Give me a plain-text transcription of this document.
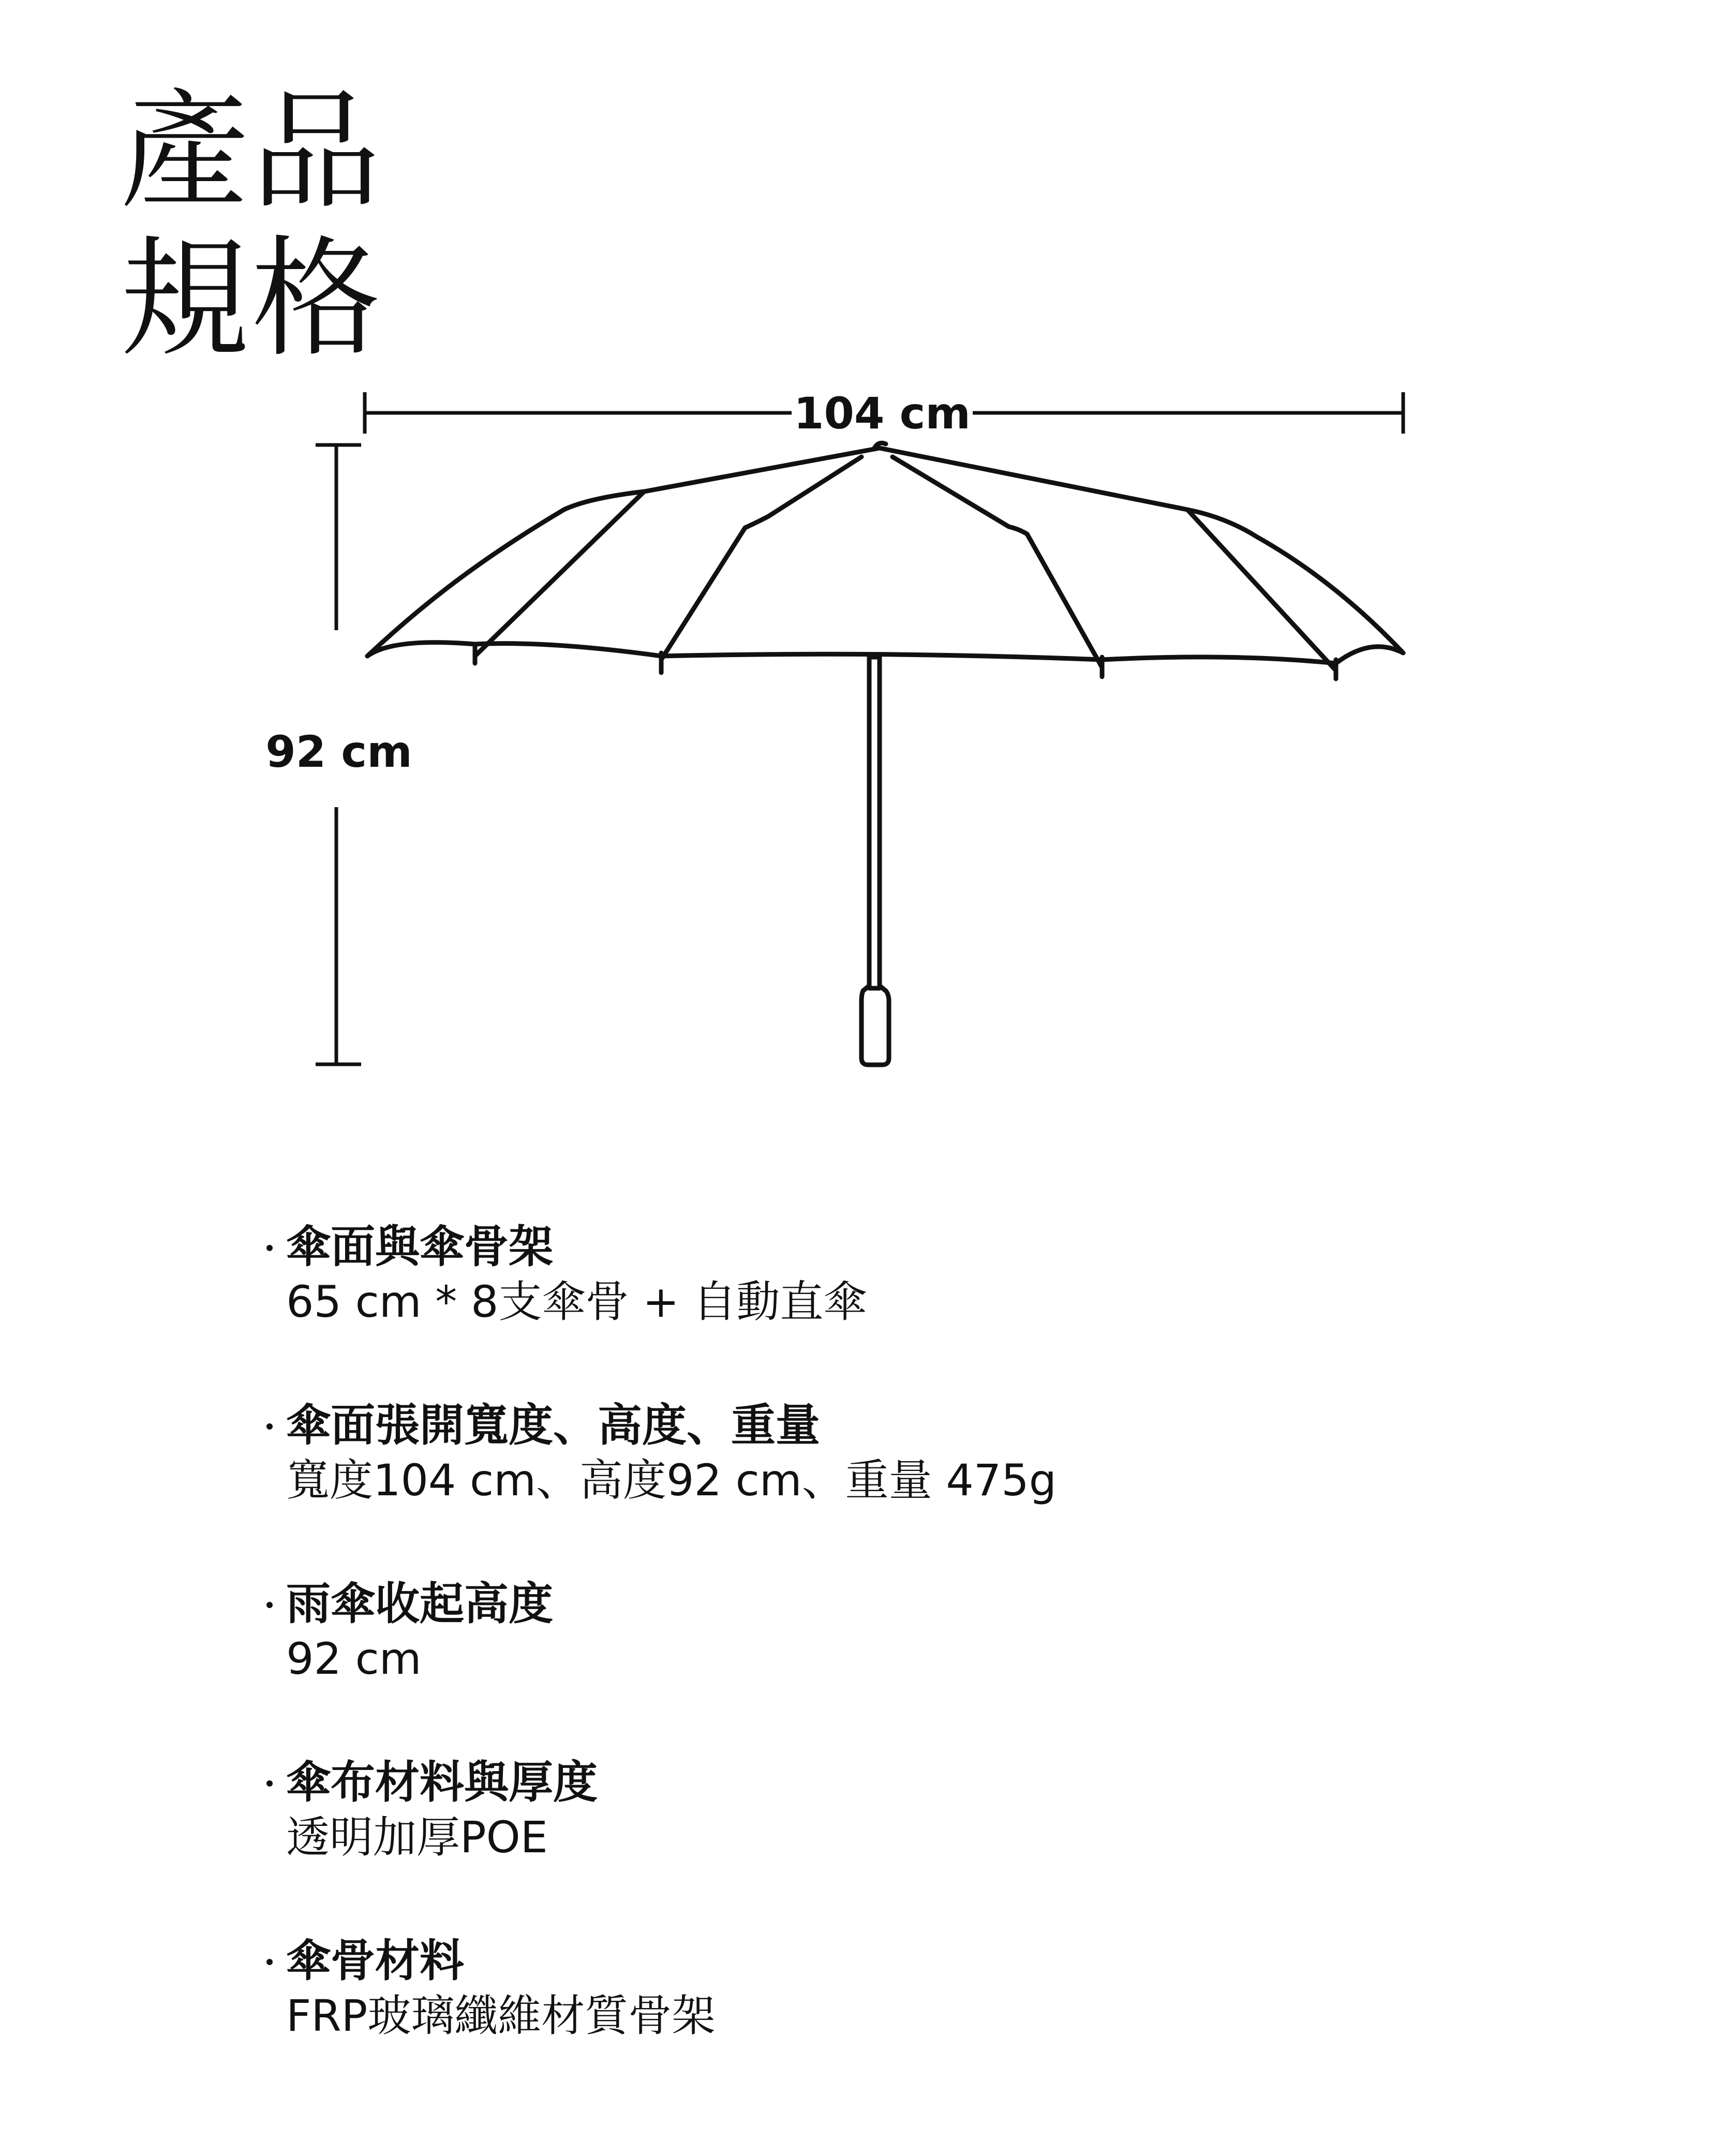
產品
規格
104 cm
92 cm
傘面與傘骨架
65 cm * 8支傘骨 + 自動直傘
傘面張開寬度、高度、重量
寬度104 cm、高度92 cm、重量 475g
雨傘收起高度
92 cm
傘布材料與厚度
透明加厚POE
傘骨材料
FRP玻璃纖維材質骨架
